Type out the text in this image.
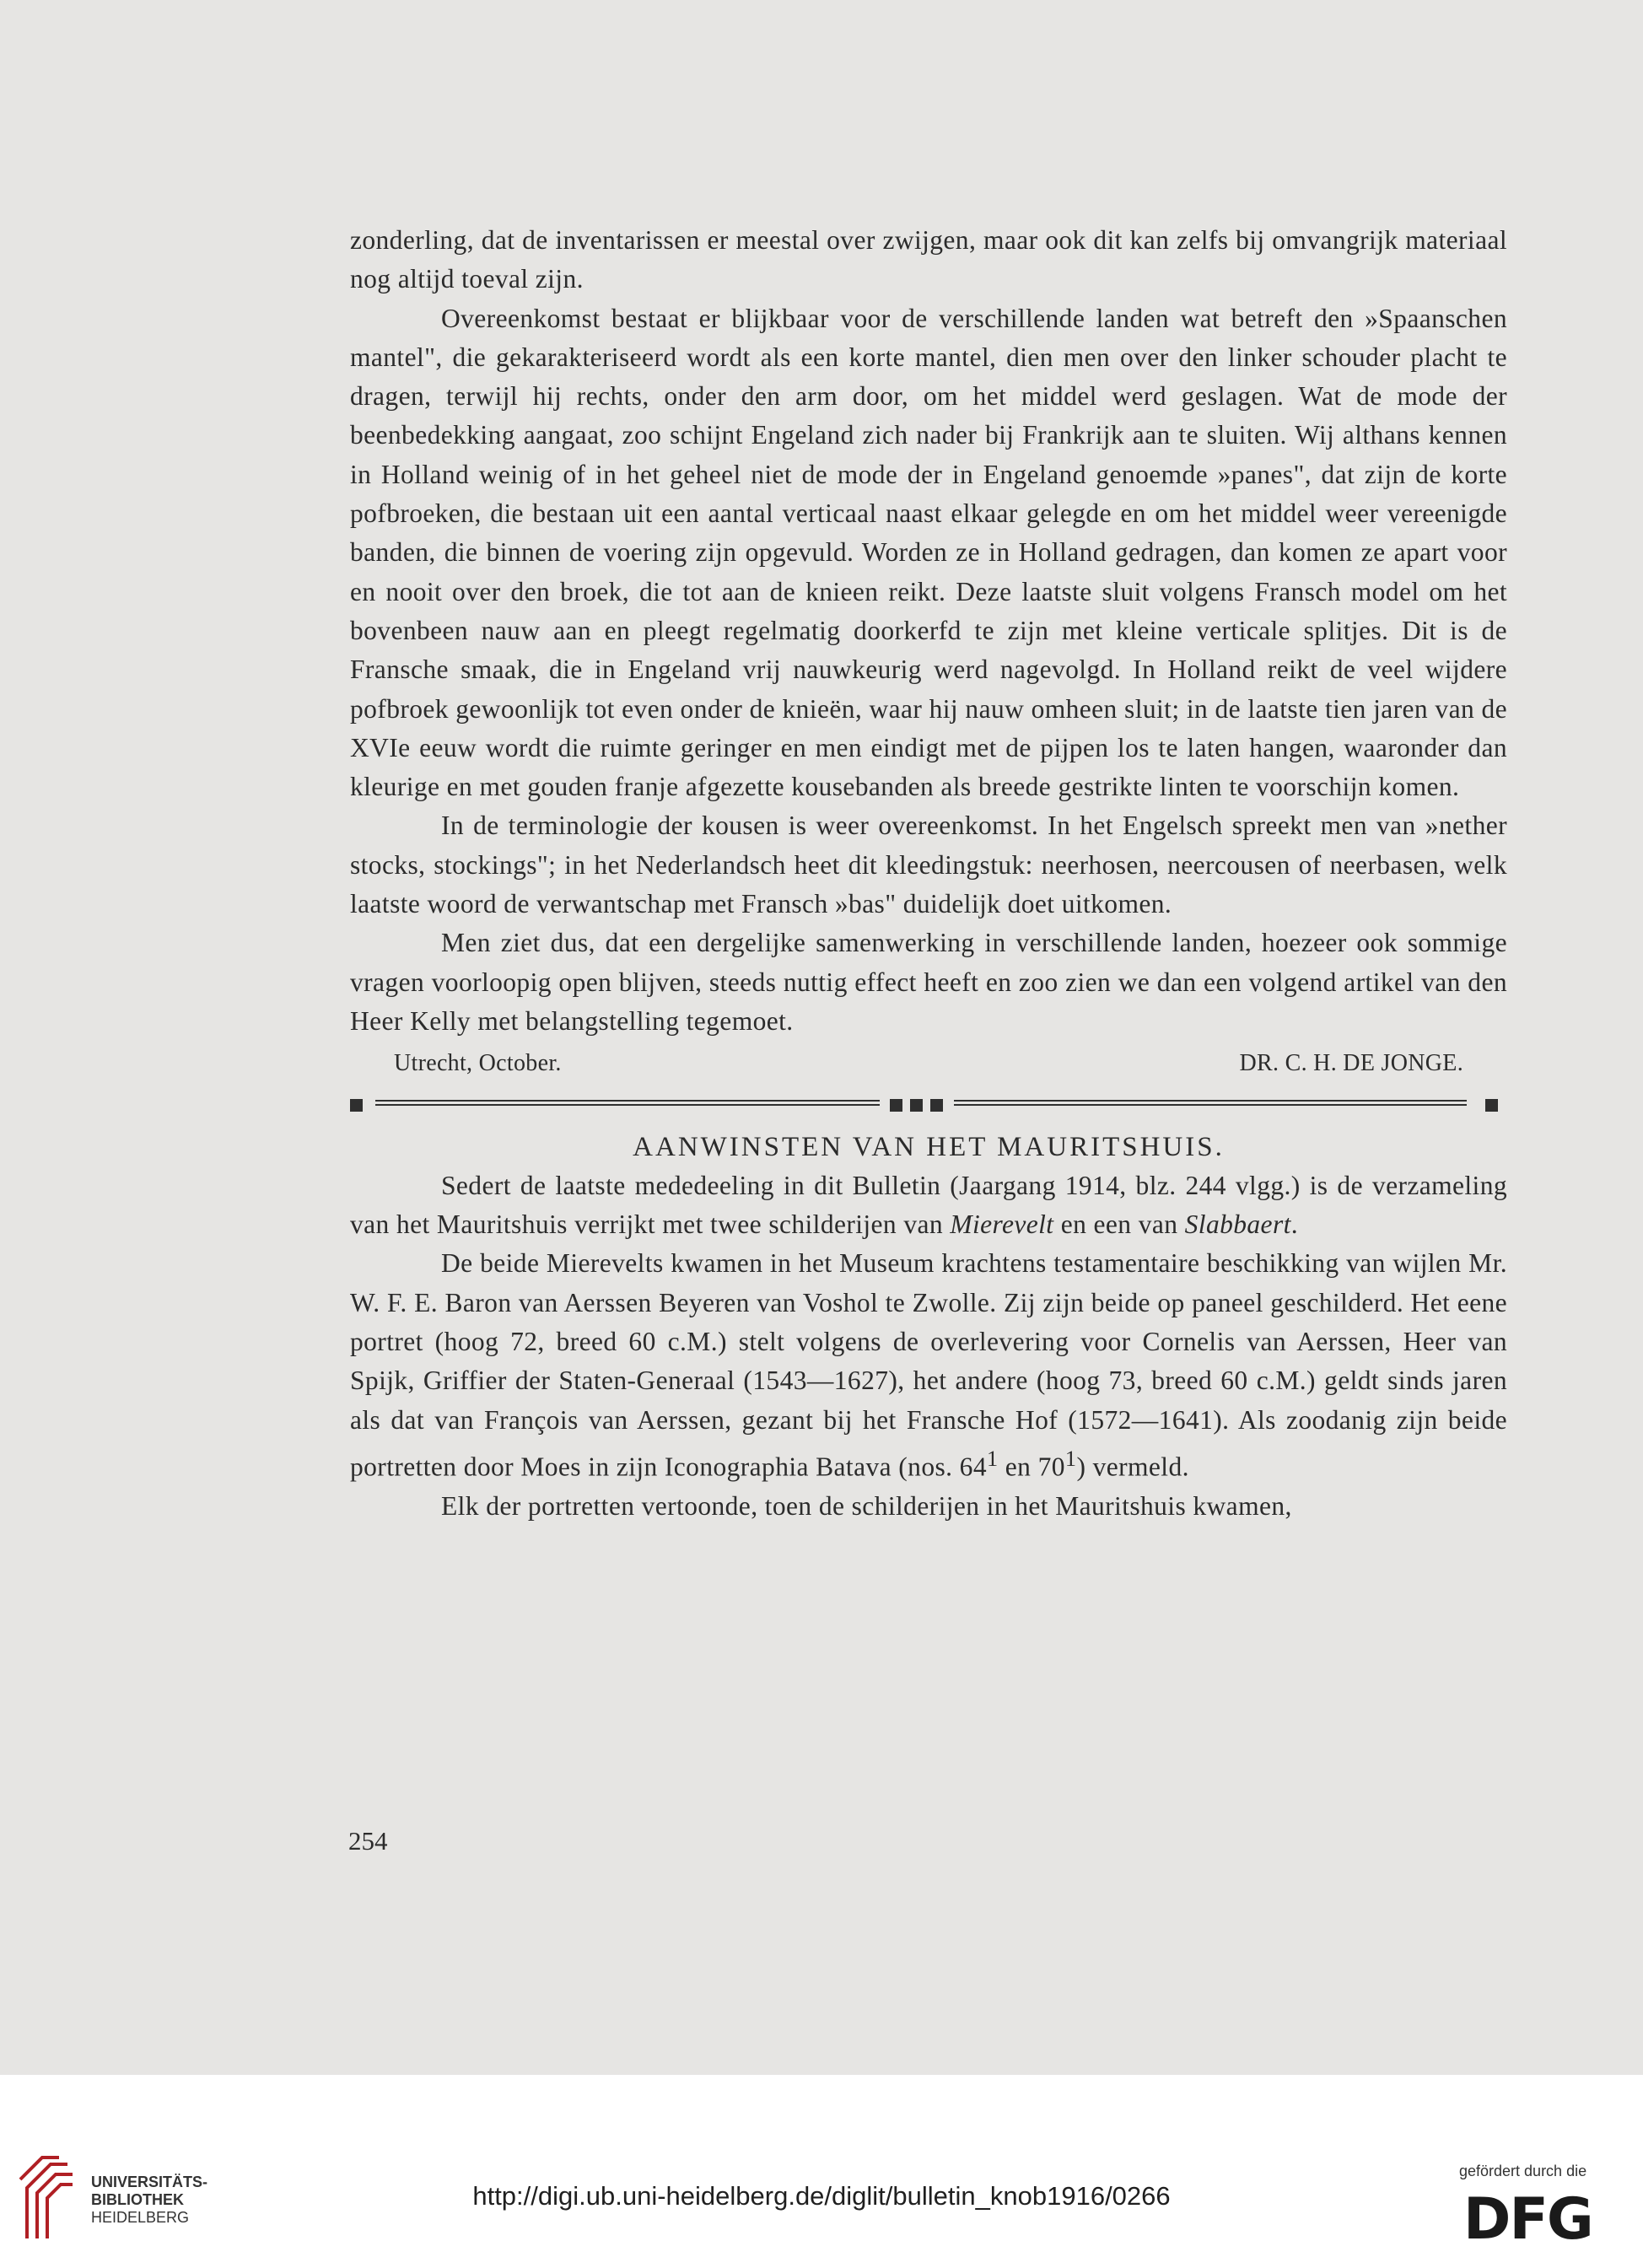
zonderling, dat de inventarissen er meestal over zwijgen, maar ook dit kan zelfs bij omvangrijk materiaal nog altijd toeval zijn.

Overeenkomst bestaat er blijkbaar voor de verschillende landen wat betreft den »Spaanschen mantel", die gekarakteriseerd wordt als een korte mantel, dien men over den linker schouder placht te dragen, terwijl hij rechts, onder den arm door, om het middel werd geslagen. Wat de mode der beenbedekking aangaat, zoo schijnt Engeland zich nader bij Frankrijk aan te sluiten. Wij althans kennen in Holland weinig of in het geheel niet de mode der in Engeland genoemde »panes", dat zijn de korte pofbroeken, die bestaan uit een aantal verticaal naast elkaar gelegde en om het middel weer vereenigde banden, die binnen de voering zijn opgevuld. Worden ze in Holland gedragen, dan komen ze apart voor en nooit over den broek, die tot aan de knieen reikt. Deze laatste sluit volgens Fransch model om het bovenbeen nauw aan en pleegt regelmatig doorkerfd te zijn met kleine verticale splitjes. Dit is de Fransche smaak, die in Engeland vrij nauwkeurig werd nagevolgd. In Holland reikt de veel wijdere pofbroek gewoonlijk tot even onder de knieën, waar hij nauw omheen sluit; in de laatste tien jaren van de XVIe eeuw wordt die ruimte geringer en men eindigt met de pijpen los te laten hangen, waaronder dan kleurige en met gouden franje afgezette kousebanden als breede gestrikte linten te voorschijn komen.

In de terminologie der kousen is weer overeenkomst. In het Engelsch spreekt men van »nether stocks, stockings"; in het Nederlandsch heet dit kleedingstuk: neerhosen, neercousen of neerbasen, welk laatste woord de verwantschap met Fransch »bas" duidelijk doet uitkomen.

Men ziet dus, dat een dergelijke samenwerking in verschillende landen, hoezeer ook sommige vragen voorloopig open blijven, steeds nuttig effect heeft en zoo zien we dan een volgend artikel van den Heer Kelly met belangstelling tegemoet.

Utrecht, October.	DR. C. H. DE JONGE.

AANWINSTEN VAN HET MAURITSHUIS.

Sedert de laatste mededeeling in dit Bulletin (Jaargang 1914, blz. 244 vlgg.) is de verzameling van het Mauritshuis verrijkt met twee schilderijen van Mierevelt en een van Slabbaert.

De beide Mierevelts kwamen in het Museum krachtens testamentaire beschikking van wijlen Mr. W. F. E. Baron van Aerssen Beyeren van Voshol te Zwolle. Zij zijn beide op paneel geschilderd. Het eene portret (hoog 72, breed 60 c.M.) stelt volgens de overlevering voor Cornelis van Aerssen, Heer van Spijk, Griffier der Staten-Generaal (1543—1627), het andere (hoog 73, breed 60 c.M.) geldt sinds jaren als dat van François van Aerssen, gezant bij het Fransche Hof (1572—1641). Als zoodanig zijn beide portretten door Moes in zijn Iconographia Batava (nos. $64^1$ en $70^1$) vermeld.

Elk der portretten vertoonde, toen de schilderijen in het Mauritshuis kwamen,

254
UNIVERSITÄTS-
BIBLIOTHEK
HEIDELBERG
http://digi.ub.uni-heidelberg.de/diglit/bulletin_knob1916/0266
gefördert durch die
DFG
